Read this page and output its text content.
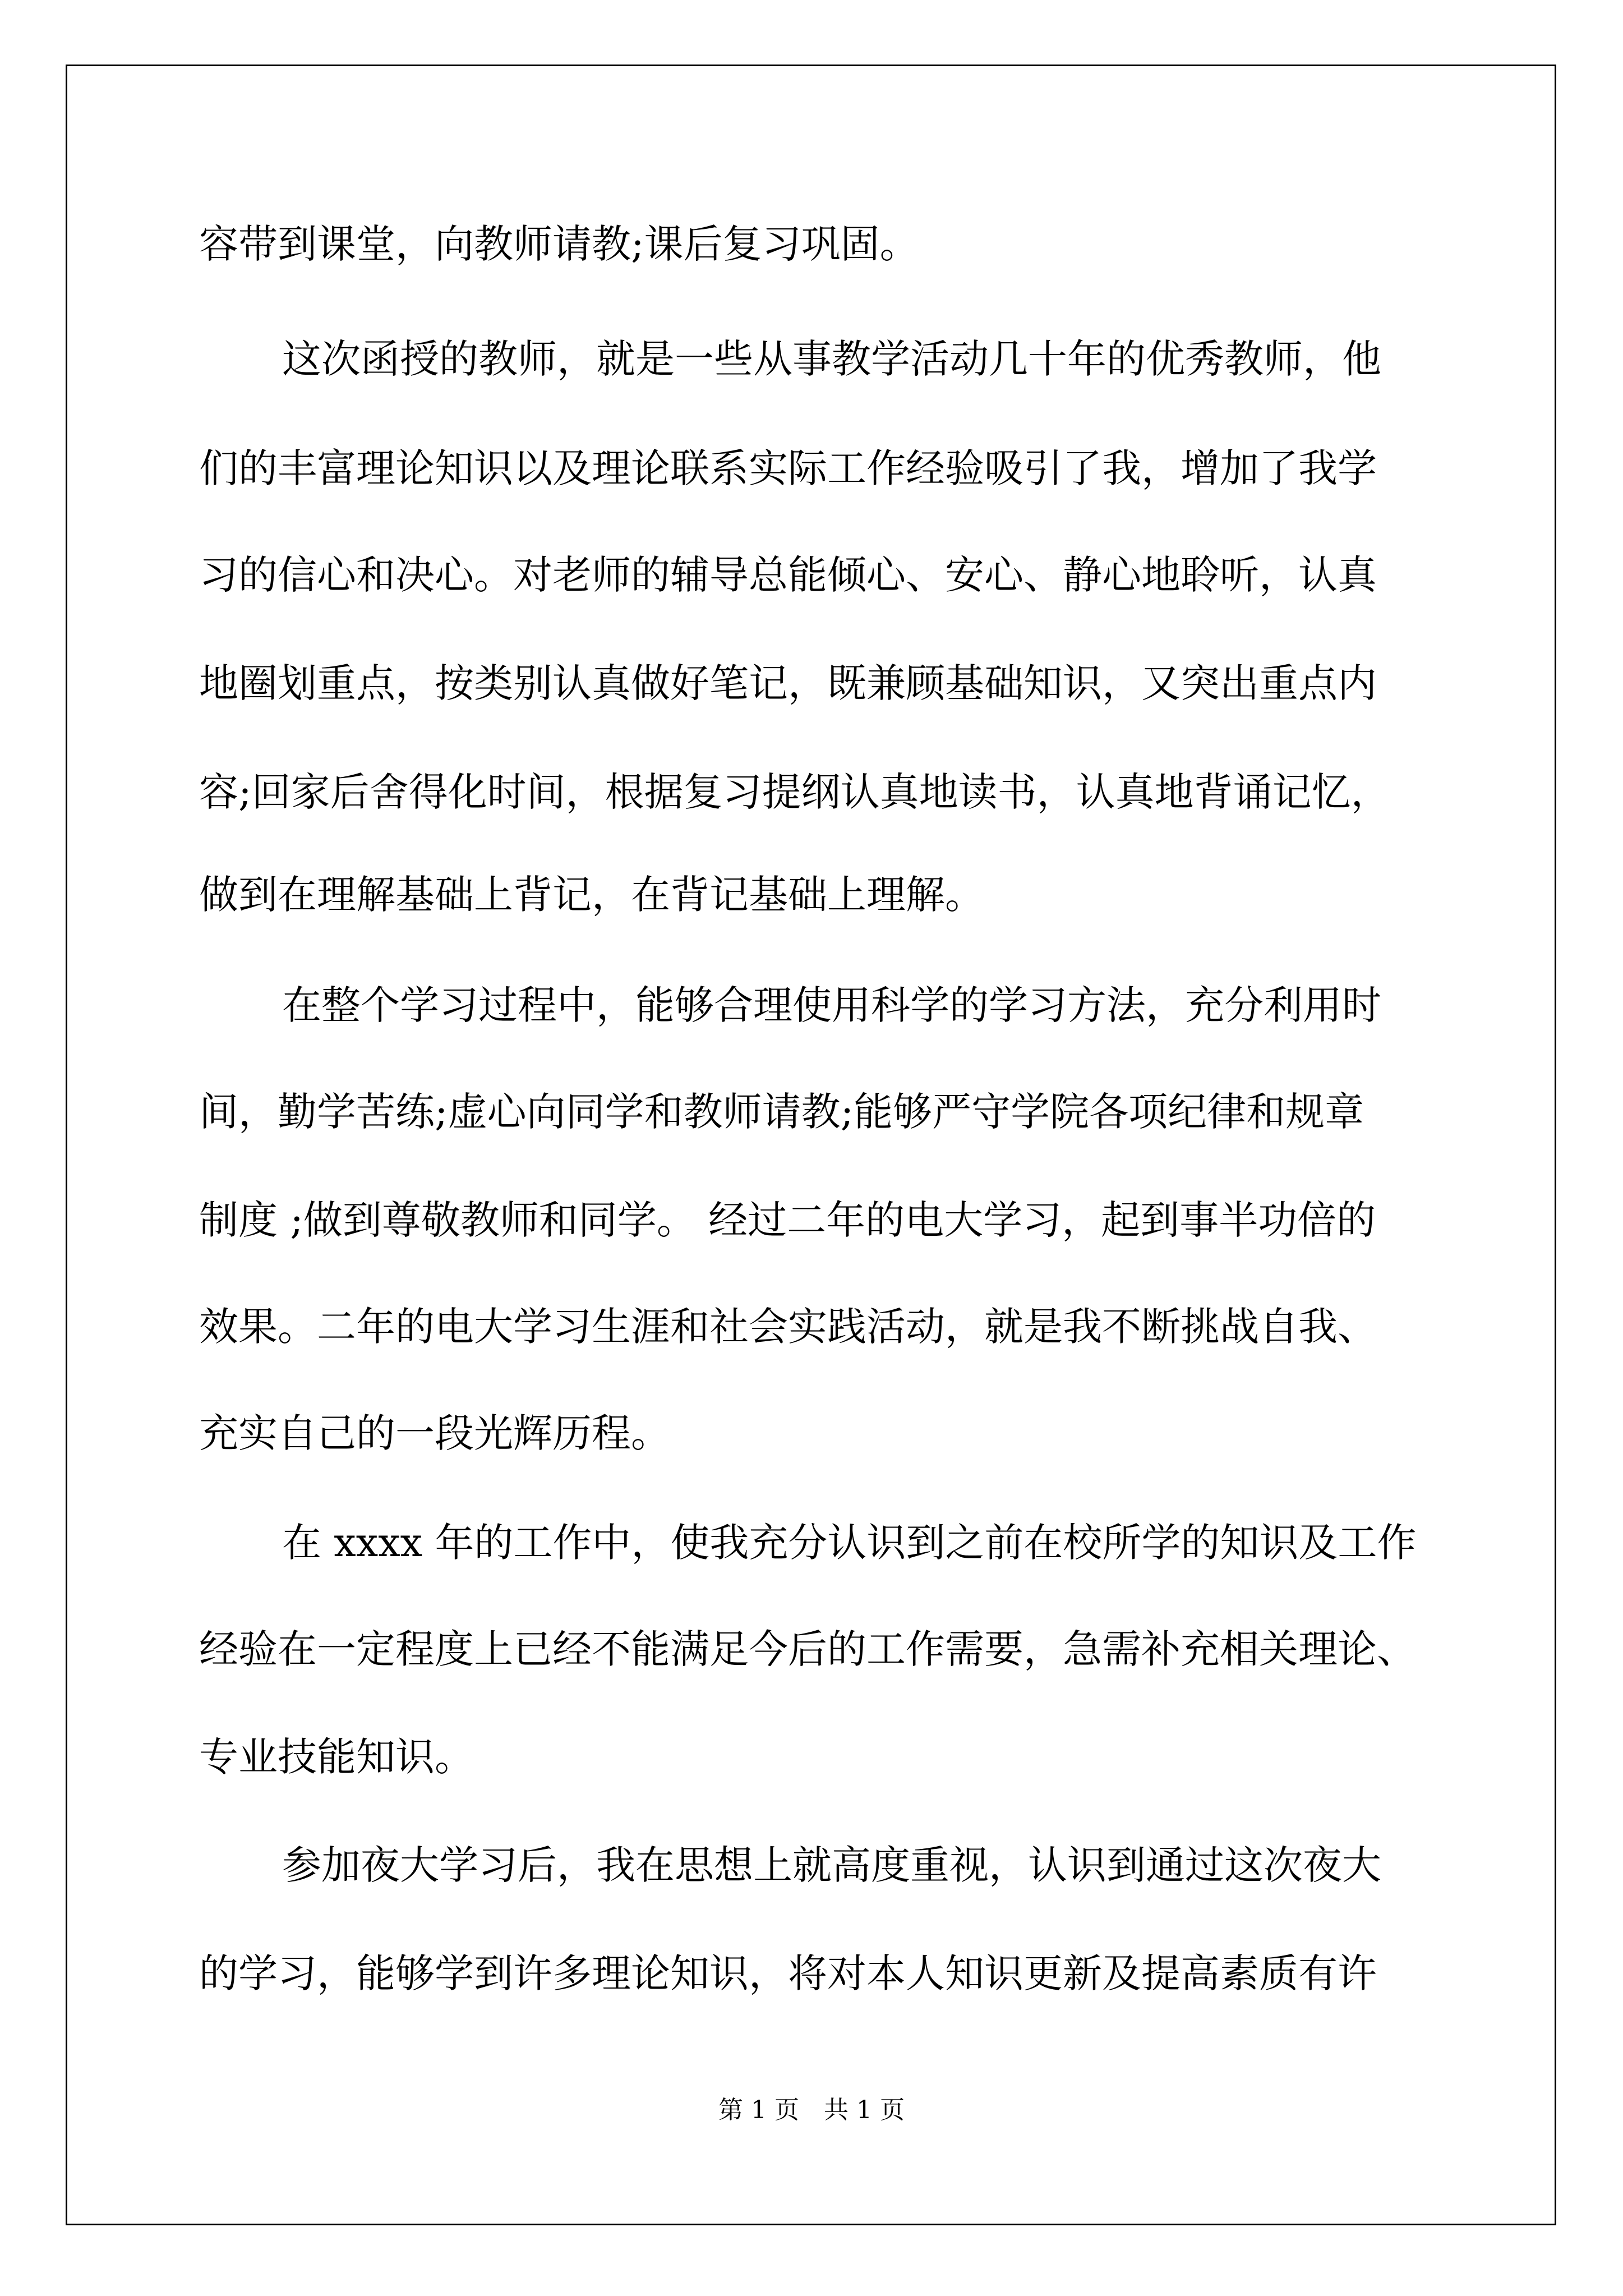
容带到课堂，向教师请教;课后复习巩固。
这次函授的教师，就是一些从事教学活动几十年的优秀教师，他
们的丰富理论知识以及理论联系实际工作经验吸引了我，增加了我学
习的信心和决心。对老师的辅导总能倾心、安心、静心地聆听，认真
地圈划重点，按类别认真做好笔记，既兼顾基础知识，又突出重点内
容;回家后舍得化时间，根据复习提纲认真地读书，认真地背诵记忆，
做到在理解基础上背记，在背记基础上理解。
在整个学习过程中，能够合理使用科学的学习方法，充分利用时
间，勤学苦练;虚心向同学和教师请教;能够严守学院各项纪律和规章
制度 ;做到尊敬教师和同学。 经过二年的电大学习，起到事半功倍的
效果。二年的电大学习生涯和社会实践活动，就是我不断挑战自我、
充实自己的一段光辉历程。
在 xxxx 年的工作中，使我充分认识到之前在校所学的知识及工作
经验在一定程度上已经不能满足今后的工作需要，急需补充相关理论、
专业技能知识。
参加夜大学习后，我在思想上就高度重视，认识到通过这次夜大
的学习，能够学到许多理论知识，将对本人知识更新及提高素质有许
第 1 页　共 1 页
